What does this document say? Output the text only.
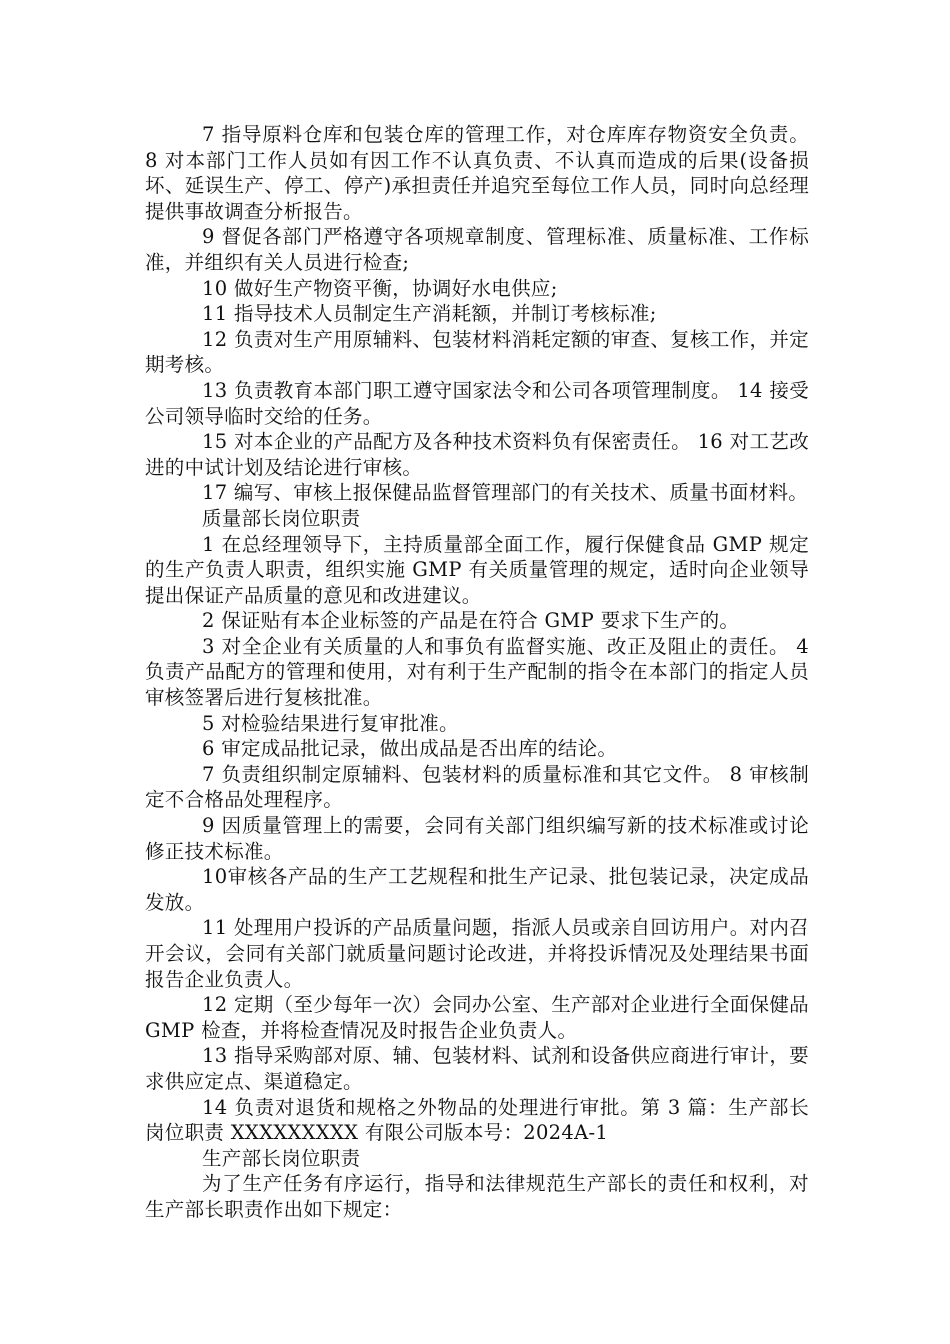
7 指导原料仓库和包装仓库的管理工作，对仓库库存物资安全负责。 8 对本部门工作人员如有因工作不认真负责、不认真而造成的后果(设备损坏、延误生产、停工、停产)承担责任并追究至每位工作人员，同时向总经理提供事故调查分析报告。

9 督促各部门严格遵守各项规章制度、管理标准、质量标准、工作标准，并组织有关人员进行检查;

10 做好生产物资平衡，协调好水电供应;

11 指导技术人员制定生产消耗额，并制订考核标准;

12 负责对生产用原辅料、包装材料消耗定额的审查、复核工作，并定期考核。

13 负责教育本部门职工遵守国家法令和公司各项管理制度。 14 接受公司领导临时交给的任务。

15 对本企业的产品配方及各种技术资料负有保密责任。 16 对工艺改进的中试计划及结论进行审核。

17 编写、审核上报保健品监督管理部门的有关技术、质量书面材料。

质量部长岗位职责

1 在总经理领导下，主持质量部全面工作，履行保健食品 GMP 规定的生产负责人职责，组织实施 GMP 有关质量管理的规定，适时向企业领导提出保证产品质量的意见和改进建议。

2 保证贴有本企业标签的产品是在符合 GMP 要求下生产的。

3 对全企业有关质量的人和事负有监督实施、改正及阻止的责任。 4 负责产品配方的管理和使用，对有利于生产配制的指令在本部门的指定人员审核签署后进行复核批准。

5 对检验结果进行复审批准。

6 审定成品批记录，做出成品是否出库的结论。

7 负责组织制定原辅料、包装材料的质量标准和其它文件。 8 审核制定不合格品处理程序。

9 因质量管理上的需要，会同有关部门组织编写新的技术标准或讨论修正技术标准。

10审核各产品的生产工艺规程和批生产记录、批包装记录，决定成品发放。

11 处理用户投诉的产品质量问题，指派人员或亲自回访用户。对内召开会议，会同有关部门就质量问题讨论改进，并将投诉情况及处理结果书面报告企业负责人。

12 定期（至少每年一次）会同办公室、生产部对企业进行全面保健品 GMP 检查，并将检查情况及时报告企业负责人。

13 指导采购部对原、辅、包装材料、试剂和设备供应商进行审计，要求供应定点、渠道稳定。

14 负责对退货和规格之外物品的处理进行审批。第 3 篇：生产部长岗位职责 XXXXXXXXX 有限公司版本号：2024A-1

生产部长岗位职责

为了生产任务有序运行，指导和法律规范生产部长的责任和权利，对生产部长职责作出如下规定：
